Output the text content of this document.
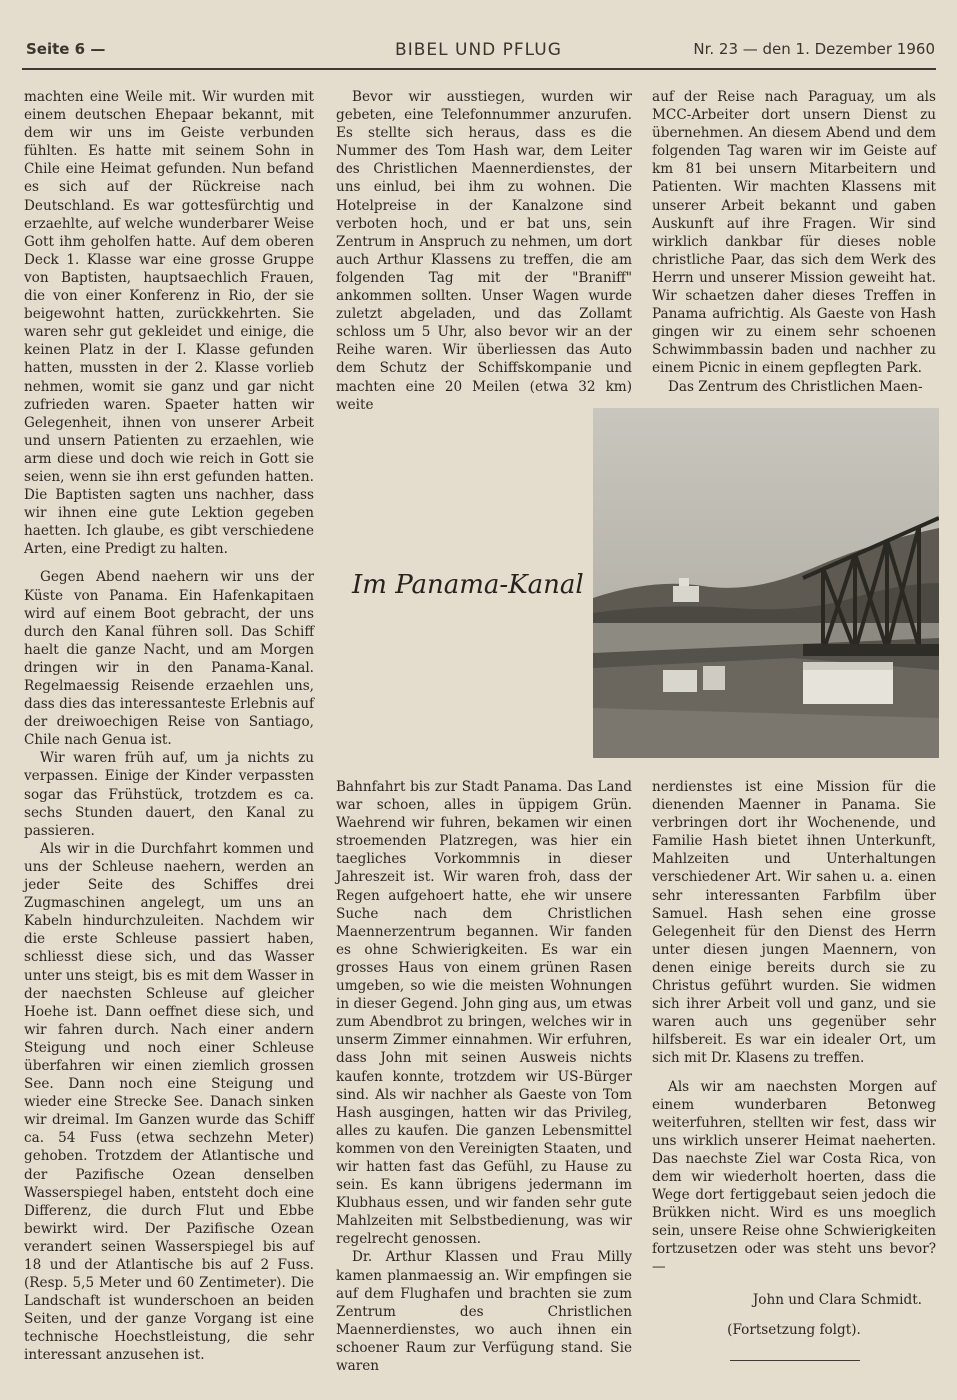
BIBEL UND PFLUG
Seite 6 —	Nr. 23 — den 1. Dezember 1960

machten eine Weile mit. Wir wurden mit einem deutschen Ehepaar bekannt, mit dem wir uns im Geiste verbunden fühlten. Es hatte mit seinem Sohn in Chile eine Heimat gefunden. Nun befand es sich auf der Rückreise nach Deutschland. Es war gottesfürchtig und erzaehlte, auf welche wunderbarer Weise Gott ihm geholfen hatte. Auf dem oberen Deck 1. Klasse war eine grosse Gruppe von Baptisten, hauptsaechlich Frauen, die von einer Konferenz in Rio, der sie beigewohnt hatten, zurückkehrten. Sie waren sehr gut gekleidet und einige, die keinen Platz in der I. Klasse gefunden hatten, mussten in der 2. Klasse vorlieb nehmen, womit sie ganz und gar nicht zufrieden waren. Spaeter hatten wir Gelegenheit, ihnen von unserer Arbeit und unsern Patienten zu erzaehlen, wie arm diese und doch wie reich in Gott sie seien, wenn sie ihn erst gefunden hatten. Die Baptisten sagten uns nachher, dass wir ihnen eine gute Lektion gegeben haetten. Ich glaube, es gibt verschiedene Arten, eine Predigt zu halten.

Gegen Abend naehern wir uns der Küste von Panama. Ein Hafenkapitaen wird auf einem Boot gebracht, der uns durch den Kanal führen soll. Das Schiff haelt die ganze Nacht, und am Morgen dringen wir in den Panama-Kanal. Regelmaessig Reisende erzaehlen uns, dass dies das interessanteste Erlebnis auf der dreiwoechigen Reise von Santiago, Chile nach Genua ist.

Wir waren früh auf, um ja nichts zu verpassen. Einige der Kinder verpassten sogar das Frühstück, trotzdem es ca. sechs Stunden dauert, den Kanal zu passieren.

Als wir in die Durchfahrt kommen und uns der Schleuse naehern, werden an jeder Seite des Schiffes drei Zugmaschinen angelegt, um uns an Kabeln hindurchzuleiten. Nachdem wir die erste Schleuse passiert haben, schliesst diese sich, und das Wasser unter uns steigt, bis es mit dem Wasser in der naechsten Schleuse auf gleicher Hoehe ist. Dann oeffnet diese sich, und wir fahren durch. Nach einer andern Steigung und noch einer Schleuse überfahren wir einen ziemlich grossen See. Dann noch eine Steigung und wieder eine Strecke See. Danach sinken wir dreimal. Im Ganzen wurde das Schiff ca. 54 Fuss (etwa sechzehn Meter) gehoben. Trotzdem der Atlantische und der Pazifische Ozean denselben Wasserspiegel haben, entsteht doch eine Differenz, die durch Flut und Ebbe bewirkt wird. Der Pazifische Ozean verandert seinen Wasserspiegel bis auf 18 und der Atlantische bis auf 2 Fuss. (Resp. 5,5 Meter und 60 Zentimeter). Die Landschaft ist wunderschoen an beiden Seiten, und der ganze Vorgang ist eine technische Hoechstleistung, die sehr interessant anzusehen ist.

Bevor wir ausstiegen, wurden wir gebeten, eine Telefonnummer anzurufen. Es stellte sich heraus, dass es die Nummer des Tom Hash war, dem Leiter des Christlichen Maennerdienstes, der uns einlud, bei ihm zu wohnen. Die Hotelpreise in der Kanalzone sind verboten hoch, und er bat uns, sein Zentrum in Anspruch zu nehmen, um dort auch Arthur Klassens zu treffen, die am folgenden Tag mit der "Braniff" ankommen sollten. Unser Wagen wurde zuletzt abgeladen, und das Zollamt schloss um 5 Uhr, also bevor wir an der Reihe waren. Wir überliessen das Auto dem Schutz der Schiffskompanie und machten eine 20 Meilen (etwa 32 km) weite

auf der Reise nach Paraguay, um als MCC-Arbeiter dort unsern Dienst zu übernehmen. An diesem Abend und dem folgenden Tag waren wir im Geiste auf km 81 bei unsern Mitarbeitern und Patienten. Wir machten Klassens mit unserer Arbeit bekannt und gaben Auskunft auf ihre Fragen. Wir sind wirklich dankbar für dieses noble christliche Paar, das sich dem Werk des Herrn und unserer Mission geweiht hat. Wir schaetzen daher dieses Treffen in Panama aufrichtig. Als Gaeste von Hash gingen wir zu einem sehr schoenen Schwimmbassin baden und nachher zu einem Picnic in einem gepflegten Park.

Das Zentrum des Christlichen Maen-

Im Panama-Kanal

Bahnfahrt bis zur Stadt Panama. Das Land war schoen, alles in üppigem Grün. Waehrend wir fuhren, bekamen wir einen stroemenden Platzregen, was hier ein taegliches Vorkommnis in dieser Jahreszeit ist. Wir waren froh, dass der Regen aufgehoert hatte, ehe wir unsere Suche nach dem Christlichen Maennerzentrum begannen. Wir fanden es ohne Schwierigkeiten. Es war ein grosses Haus von einem grünen Rasen umgeben, so wie die meisten Wohnungen in dieser Gegend. John ging aus, um etwas zum Abendbrot zu bringen, welches wir in unserm Zimmer einnahmen. Wir erfuhren, dass John mit seinen Ausweis nichts kaufen konnte, trotzdem wir US-Bürger sind. Als wir nachher als Gaeste von Tom Hash ausgingen, hatten wir das Privileg, alles zu kaufen. Die ganzen Lebensmittel kommen von den Vereinigten Staaten, und wir hatten fast das Gefühl, zu Hause zu sein. Es kann übrigens jedermann im Klubhaus essen, und wir fanden sehr gute Mahlzeiten mit Selbstbedienung, was wir regelrecht genossen.

Dr. Arthur Klassen und Frau Milly kamen planmaessig an. Wir empfingen sie auf dem Flughafen und brachten sie zum Zentrum des Christlichen Maennerdienstes, wo auch ihnen ein schoener Raum zur Verfügung stand. Sie waren

nerdienstes ist eine Mission für die dienenden Maenner in Panama. Sie verbringen dort ihr Wochenende, und Familie Hash bietet ihnen Unterkunft, Mahlzeiten und Unterhaltungen verschiedener Art. Wir sahen u. a. einen sehr interessanten Farbfilm über Samuel. Hash sehen eine grosse Gelegenheit für den Dienst des Herrn unter diesen jungen Maennern, von denen einige bereits durch sie zu Christus geführt wurden. Sie widmen sich ihrer Arbeit voll und ganz, und sie waren auch uns gegenüber sehr hilfsbereit. Es war ein idealer Ort, um sich mit Dr. Klasens zu treffen.

Als wir am naechsten Morgen auf einem wunderbaren Betonweg weiterfuhren, stellten wir fest, dass wir uns wirklich unserer Heimat naeherten. Das naechste Ziel war Costa Rica, von dem wir wiederholt hoerten, dass die Wege dort fertiggebaut seien jedoch die Brükken nicht. Wird es uns moeglich sein, unsere Reise ohne Schwierigkeiten fortzusetzen oder was steht uns bevor? —

John und Clara Schmidt.

(Fortsetzung folgt).
